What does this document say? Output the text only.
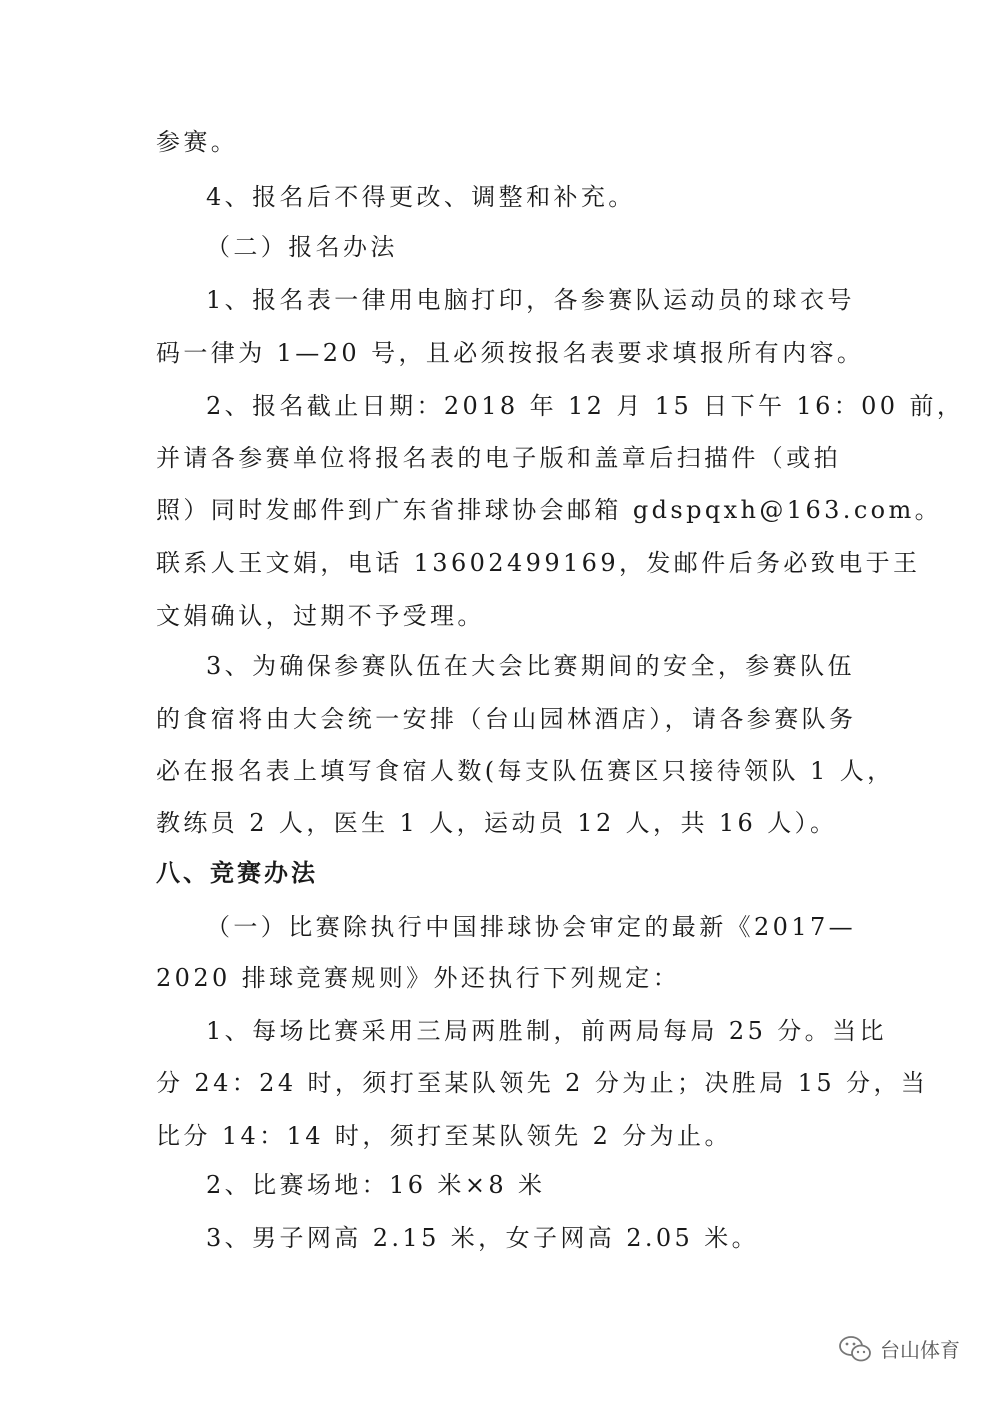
参赛。
4、报名后不得更改、调整和补充。
（二）报名办法
1、报名表一律用电脑打印，各参赛队运动员的球衣号
码一律为 1—20 号，且必须按报名表要求填报所有内容。
2、报名截止日期：2018 年 12 月 15 日下午 16：00 前，
并请各参赛单位将报名表的电子版和盖章后扫描件（或拍
照）同时发邮件到广东省排球协会邮箱 gdspqxh@163.com。
联系人王文娟，电话 13602499169，发邮件后务必致电于王
文娟确认，过期不予受理。
3、为确保参赛队伍在大会比赛期间的安全，参赛队伍
的食宿将由大会统一安排（台山园林酒店），请各参赛队务
必在报名表上填写食宿人数(每支队伍赛区只接待领队 1 人，
教练员 2 人，医生 1 人，运动员 12 人，共 16 人）。
八、竞赛办法
（一）比赛除执行中国排球协会审定的最新《2017—
2020 排球竞赛规则》外还执行下列规定：
1、每场比赛采用三局两胜制，前两局每局 25 分。当比
分 24：24 时，须打至某队领先 2 分为止；决胜局 15 分，当
比分 14：14 时，须打至某队领先 2 分为止。
2、比赛场地：16 米×8 米
3、男子网高 2.15 米，女子网高 2.05 米。
台山体育
